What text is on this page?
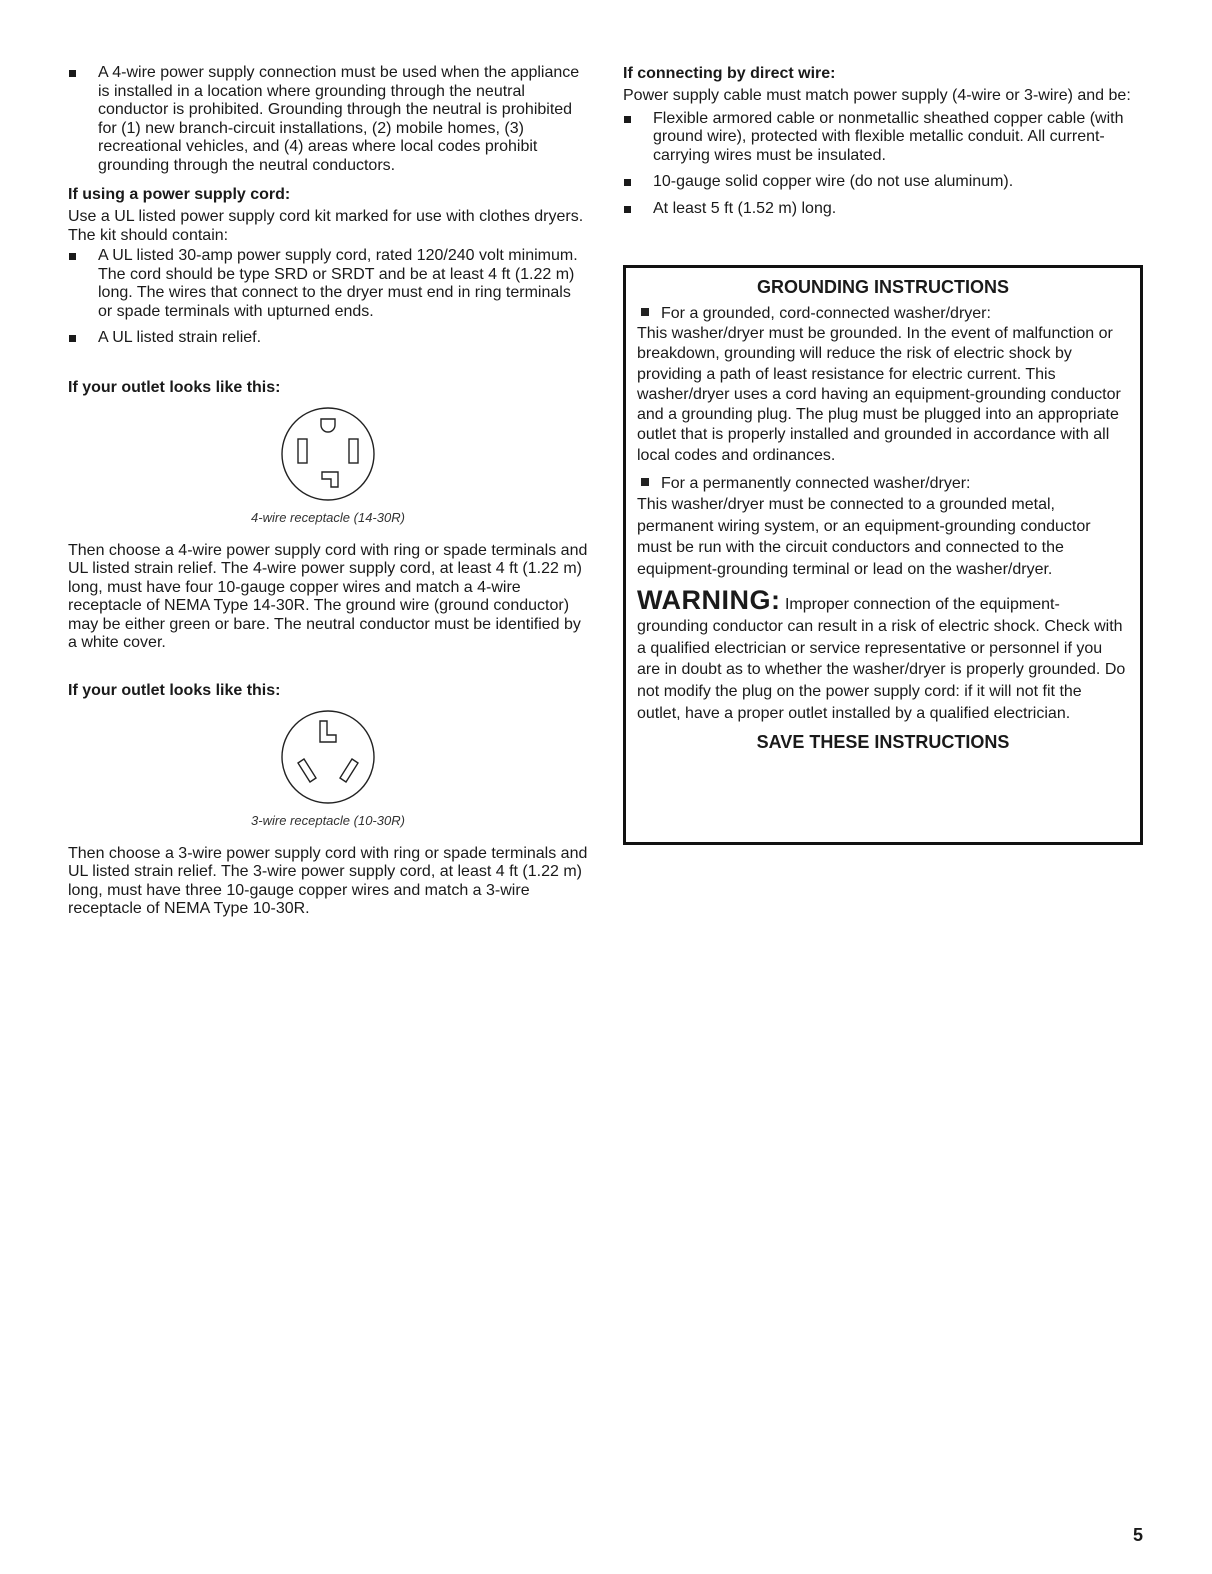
A 4-wire power supply connection must be used when the appliance is installed in a location where grounding through the neutral conductor is prohibited. Grounding through the neutral is prohibited for (1) new branch-circuit installations, (2) mobile homes, (3) recreational vehicles, and (4) areas where local codes prohibit grounding through the neutral conductors.

If using a power supply cord:

Use a UL listed power supply cord kit marked for use with clothes dryers. The kit should contain:

A UL listed 30-amp power supply cord, rated 120/240 volt minimum. The cord should be type SRD or SRDT and be at least 4 ft (1.22 m) long. The wires that connect to the dryer must end in ring terminals or spade terminals with upturned ends.
A UL listed strain relief.

If your outlet looks like this:

4-wire receptacle (14-30R)

Then choose a 4-wire power supply cord with ring or spade terminals and UL listed strain relief. The 4-wire power supply cord, at least 4 ft (1.22 m) long, must have four 10-gauge copper wires and match a 4-wire receptacle of NEMA Type 14-30R. The ground wire (ground conductor) may be either green or bare. The neutral conductor must be identified by a white cover.

If your outlet looks like this:

3-wire receptacle (10-30R)

Then choose a 3-wire power supply cord with ring or spade terminals and UL listed strain relief. The 3-wire power supply cord, at least 4 ft (1.22 m) long, must have three 10-gauge copper wires and match a 3-wire receptacle of NEMA Type 10-30R.

If connecting by direct wire:

Power supply cable must match power supply (4-wire or 3-wire) and be:

Flexible armored cable or nonmetallic sheathed copper cable (with ground wire), protected with flexible metallic conduit. All current-carrying wires must be insulated.
10-gauge solid copper wire (do not use aluminum).
At least 5 ft (1.52 m) long.

GROUNDING INSTRUCTIONS

For a grounded, cord-connected washer/dryer:

This washer/dryer must be grounded. In the event of malfunction or breakdown, grounding will reduce the risk of electric shock by providing a path of least resistance for electric current. This washer/dryer uses a cord having an equipment-grounding conductor and a grounding plug. The plug must be plugged into an appropriate outlet that is properly installed and grounded in accordance with all local codes and ordinances.

For a permanently connected washer/dryer:

This washer/dryer must be connected to a grounded metal, permanent wiring system, or an equipment-grounding conductor must be run with the circuit conductors and connected to the equipment-grounding terminal or lead on the washer/dryer.

WARNING: Improper connection of the equipment-grounding conductor can result in a risk of electric shock. Check with a qualified electrician or service representative or personnel if you are in doubt as to whether the washer/dryer is properly grounded. Do not modify the plug on the power supply cord: if it will not fit the outlet, have a proper outlet installed by a qualified electrician.

SAVE THESE INSTRUCTIONS
5
